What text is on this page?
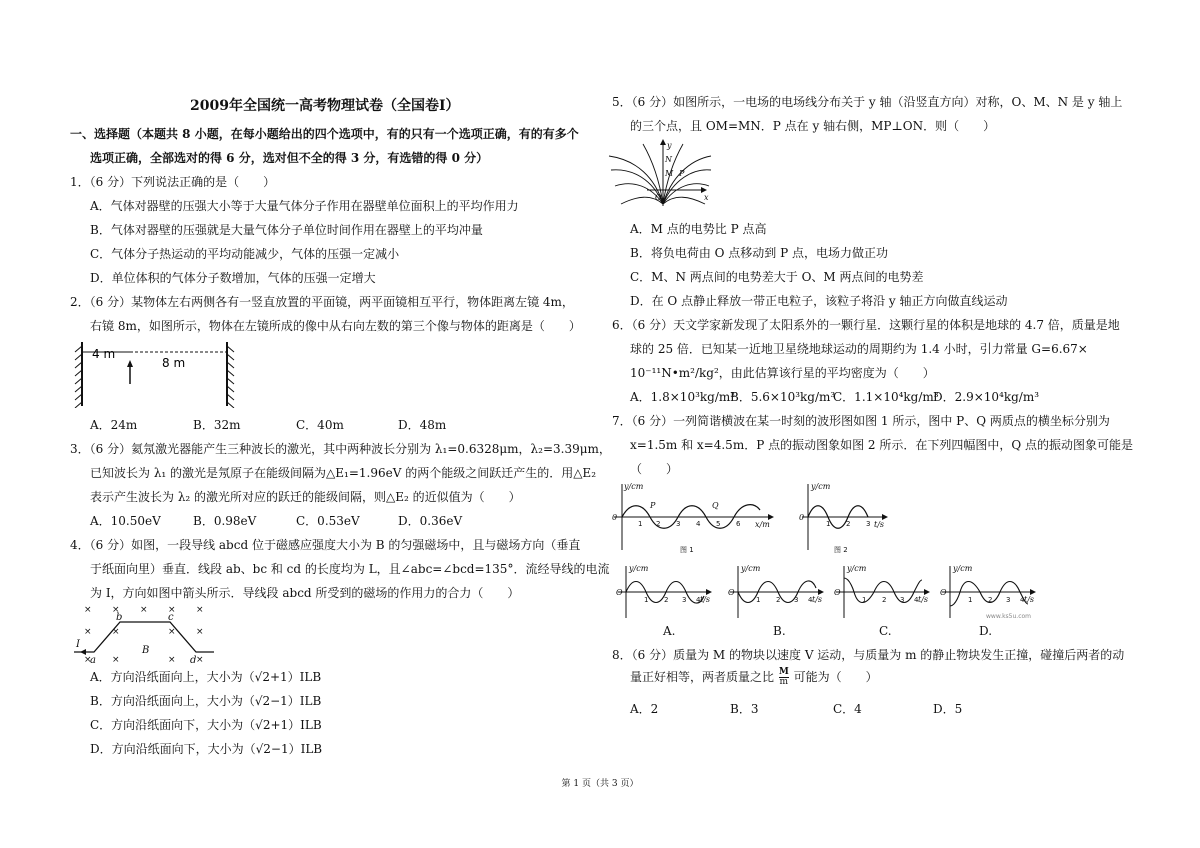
2009年全国统一高考物理试卷（全国卷Ⅰ）
一、选择题（本题共 8 小题，在每小题给出的四个选项中，有的只有一个选项正确，有的有多个
选项正确，全部选对的得 6 分，选对但不全的得 3 分，有选错的得 0 分）
1．（6 分）下列说法正确的是（　　）
A．气体对器壁的压强大小等于大量气体分子作用在器壁单位面积上的平均作用力
B．气体对器壁的压强就是大量气体分子单位时间作用在器壁上的平均冲量
C．气体分子热运动的平均动能减少，气体的压强一定减小
D．单位体积的气体分子数增加，气体的压强一定增大
2．（6 分）某物体左右两侧各有一竖直放置的平面镜，两平面镜相互平行，物体距离左镜 4m，
右镜 8m，如图所示，物体在左镜所成的像中从右向左数的第三个像与物体的距离是（　　）
4 m
8 m
A．24m	B．32m	C．40m	D．48m
3．（6 分）氦氖激光器能产生三种波长的激光，其中两种波长分别为 λ₁=0.6328μm，λ₂=3.39μm，
已知波长为 λ₁ 的激光是氖原子在能级间隔为△E₁=1.96eV 的两个能级之间跃迁产生的．用△E₂
表示产生波长为 λ₂ 的激光所对应的跃迁的能级间隔，则△E₂ 的近似值为（　　）
A．10.50eV	B．0.98eV	C．0.53eV	D．0.36eV
4．（6 分）如图，一段导线 abcd 位于磁感应强度大小为 B 的匀强磁场中，且与磁场方向（垂直
于纸面向里）垂直．线段 ab、bc 和 cd 的长度均为 L，且∠abc=∠bcd=135°．流经导线的电流
为 I，方向如图中箭头所示．导线段 abcd 所受到的磁场的作用力的合力（　　）
× × × × ×
× ×	× ×
× ×	× ×
a
b	c
d
B
I
A．方向沿纸面向上，大小为（√2+1）ILB
B．方向沿纸面向上，大小为（√2−1）ILB
C．方向沿纸面向下，大小为（√2+1）ILB
D．方向沿纸面向下，大小为（√2−1）ILB
5．（6 分）如图所示，一电场的电场线分布关于 y 轴（沿竖直方向）对称，O、M、N 是 y 轴上
的三个点，且 OM=MN．P 点在 y 轴右侧，MP⊥ON．则（　　）
y
N
M P
O	x
A．M 点的电势比 P 点高
B．将负电荷由 O 点移动到 P 点，电场力做正功
C．M、N 两点间的电势差大于 O、M 两点间的电势差
D．在 O 点静止释放一带正电粒子，该粒子将沿 y 轴正方向做直线运动
6．（6 分）天文学家新发现了太阳系外的一颗行星．这颗行星的体积是地球的 4.7 倍，质量是地
球的 25 倍．已知某一近地卫星绕地球运动的周期约为 1.4 小时，引力常量 G=6.67×
10⁻¹¹N•m²/kg²，由此估算该行星的平均密度为（　　）
A．1.8×10³kg/m³
B．5.6×10³kg/m³
C．1.1×10⁴kg/m³
D．2.9×10⁴kg/m³
7．（6 分）一列简谐横波在某一时刻的波形图如图 1 所示，图中 P、Q 两质点的横坐标分别为
x=1.5m 和 x=4.5m．P 点的振动图象如图 2 所示．在下列四幅图中，Q 点的振动图象可能是
（　　）
y/cm
x/m
P	Q
0
1 2 3 4 5 6
图 1
y/cm
t/s
0
1 2 3
图 2
y/cm
t/s
O
1 2 3 4
y/cm
t/s
O
1 2 3 4
y/cm
t/s
O
1 2 3 4
y/cm
t/s
O
1 2 3 4
www.ks5u.com
A.	B.	C.	D.
8．（6 分）质量为 M 的物块以速度 V 运动，与质量为 m 的静止物块发生正撞，碰撞后两者的动
量正好相等，两者质量之比 $\frac{M}{m}$ 可能为（　　）
A．2	B．3	C．4	D．5
第 1 页（共 3 页）
